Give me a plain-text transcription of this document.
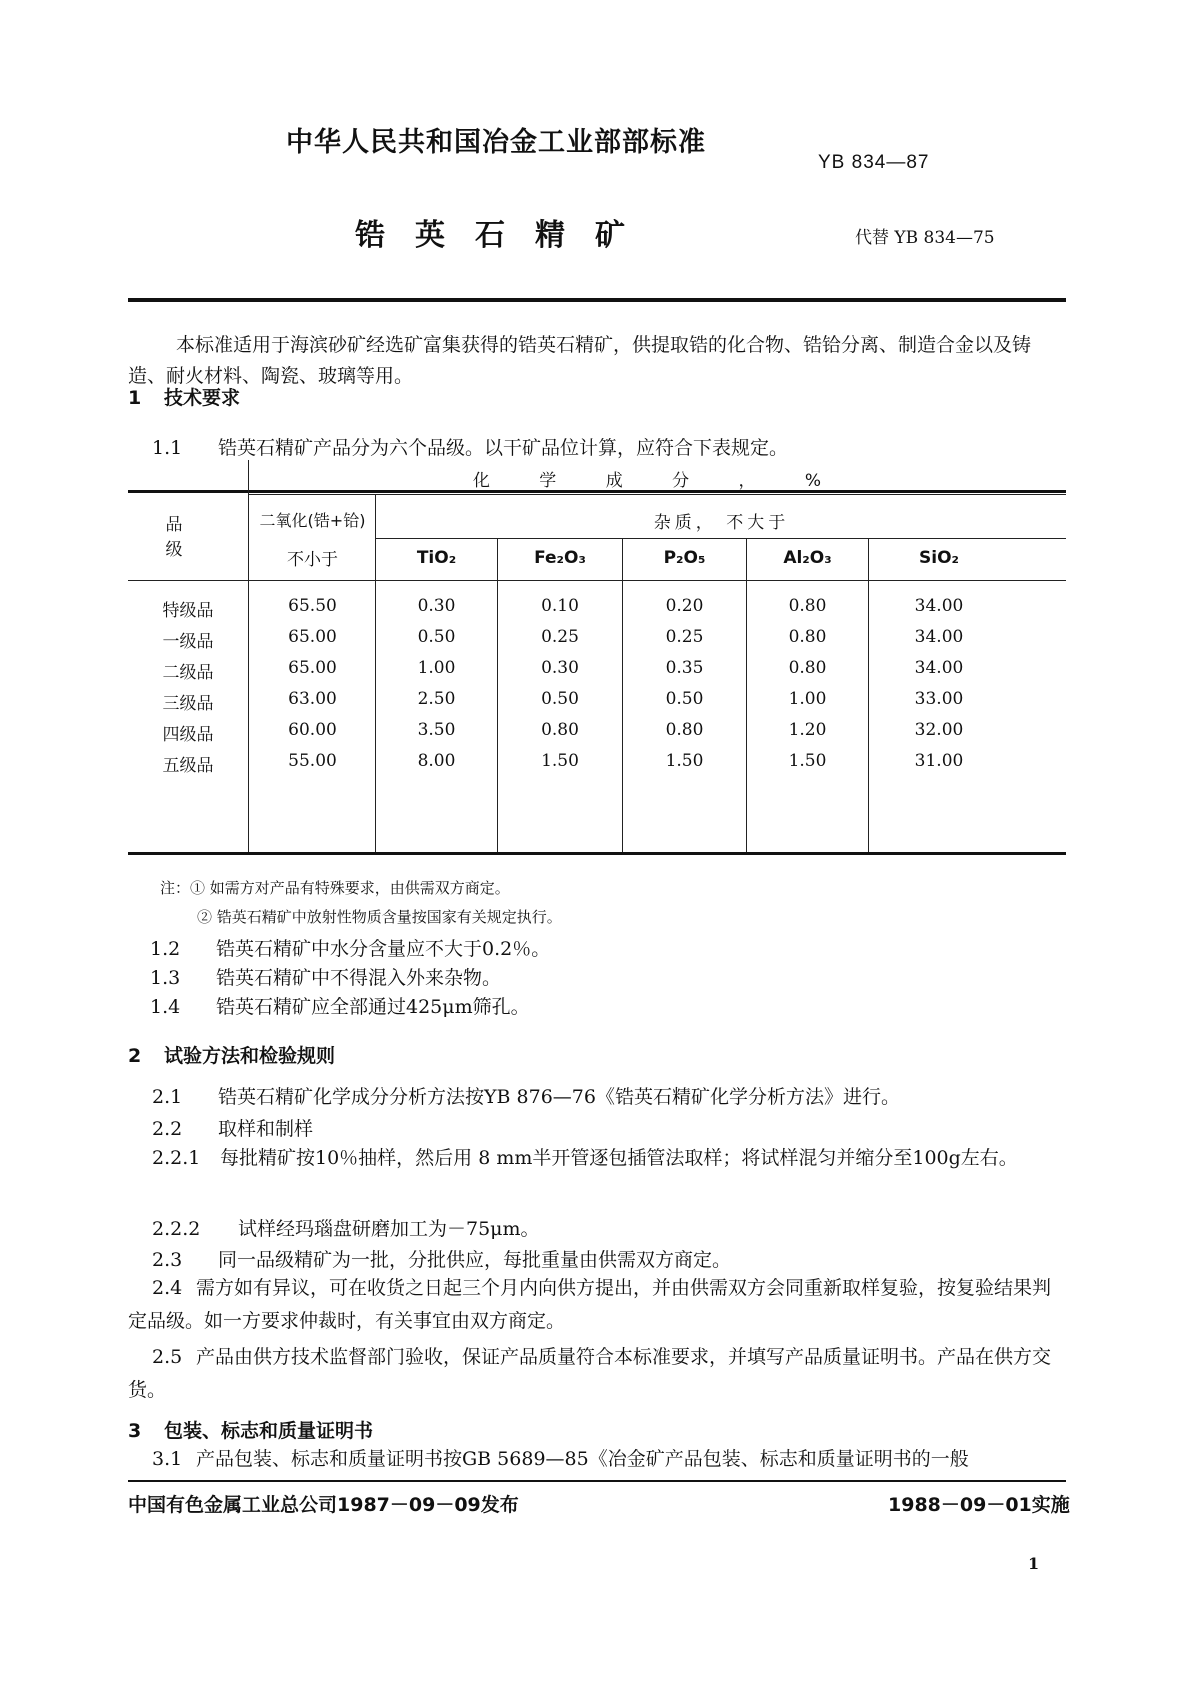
中华人民共和国冶金工业部部标准
YB 834—87
锆英石精矿	代替 YB 834—75
本标准适用于海滨砂矿经选矿富集获得的锆英石精矿，供提取锆的化合物、锆铪分离、制造合金以及铸造、耐火材料、陶瓷、玻璃等用。
1 技术要求
1.1 锆英石精矿产品分为六个品级。以干矿品位计算，应符合下表规定。
品 级
化 学 成 分 ， %
二氧化(锆+铪)
不小于
杂质， 不大于
TiO₂	Fe₂O₃	P₂O₅	Al₂O₃	SiO₂
特级品	65.50	0.30	0.10	0.20	0.80	34.00
一级品	65.00	0.50	0.25	0.25	0.80	34.00
二级品	65.00	1.00	0.30	0.35	0.80	34.00
三级品	63.00	2.50	0.50	0.50	1.00	33.00
四级品	60.00	3.50	0.80	0.80	1.20	32.00
五级品	55.00	8.00	1.50	1.50	1.50	31.00
注：① 如需方对产品有特殊要求，由供需双方商定。
② 锆英石精矿中放射性物质含量按国家有关规定执行。
1.2 锆英石精矿中水分含量应不大于0.2％。
1.3 锆英石精矿中不得混入外来杂物。
1.4 锆英石精矿应全部通过425μm筛孔。
2 试验方法和检验规则
2.1 锆英石精矿化学成分分析方法按YB 876—76《锆英石精矿化学分析方法》进行。
2.2 取样和制样
2.2.1 每批精矿按10％抽样，然后用 8 mm半开管逐包插管法取样；将试样混匀并缩分至100g左右。
2.2.2 试样经玛瑙盘研磨加工为－75μm。
2.3 同一品级精矿为一批，分批供应，每批重量由供需双方商定。
2.4 需方如有异议，可在收货之日起三个月内向供方提出，并由供需双方会同重新取样复验，按复验结果判定品级。如一方要求仲裁时，有关事宜由双方商定。
2.5 产品由供方技术监督部门验收，保证产品质量符合本标准要求，并填写产品质量证明书。产品在供方交货。
3 包装、标志和质量证明书
3.1 产品包装、标志和质量证明书按GB 5689—85《冶金矿产品包装、标志和质量证明书的一般
中国有色金属工业总公司1987－09－09发布	1988－09－01实施
1
